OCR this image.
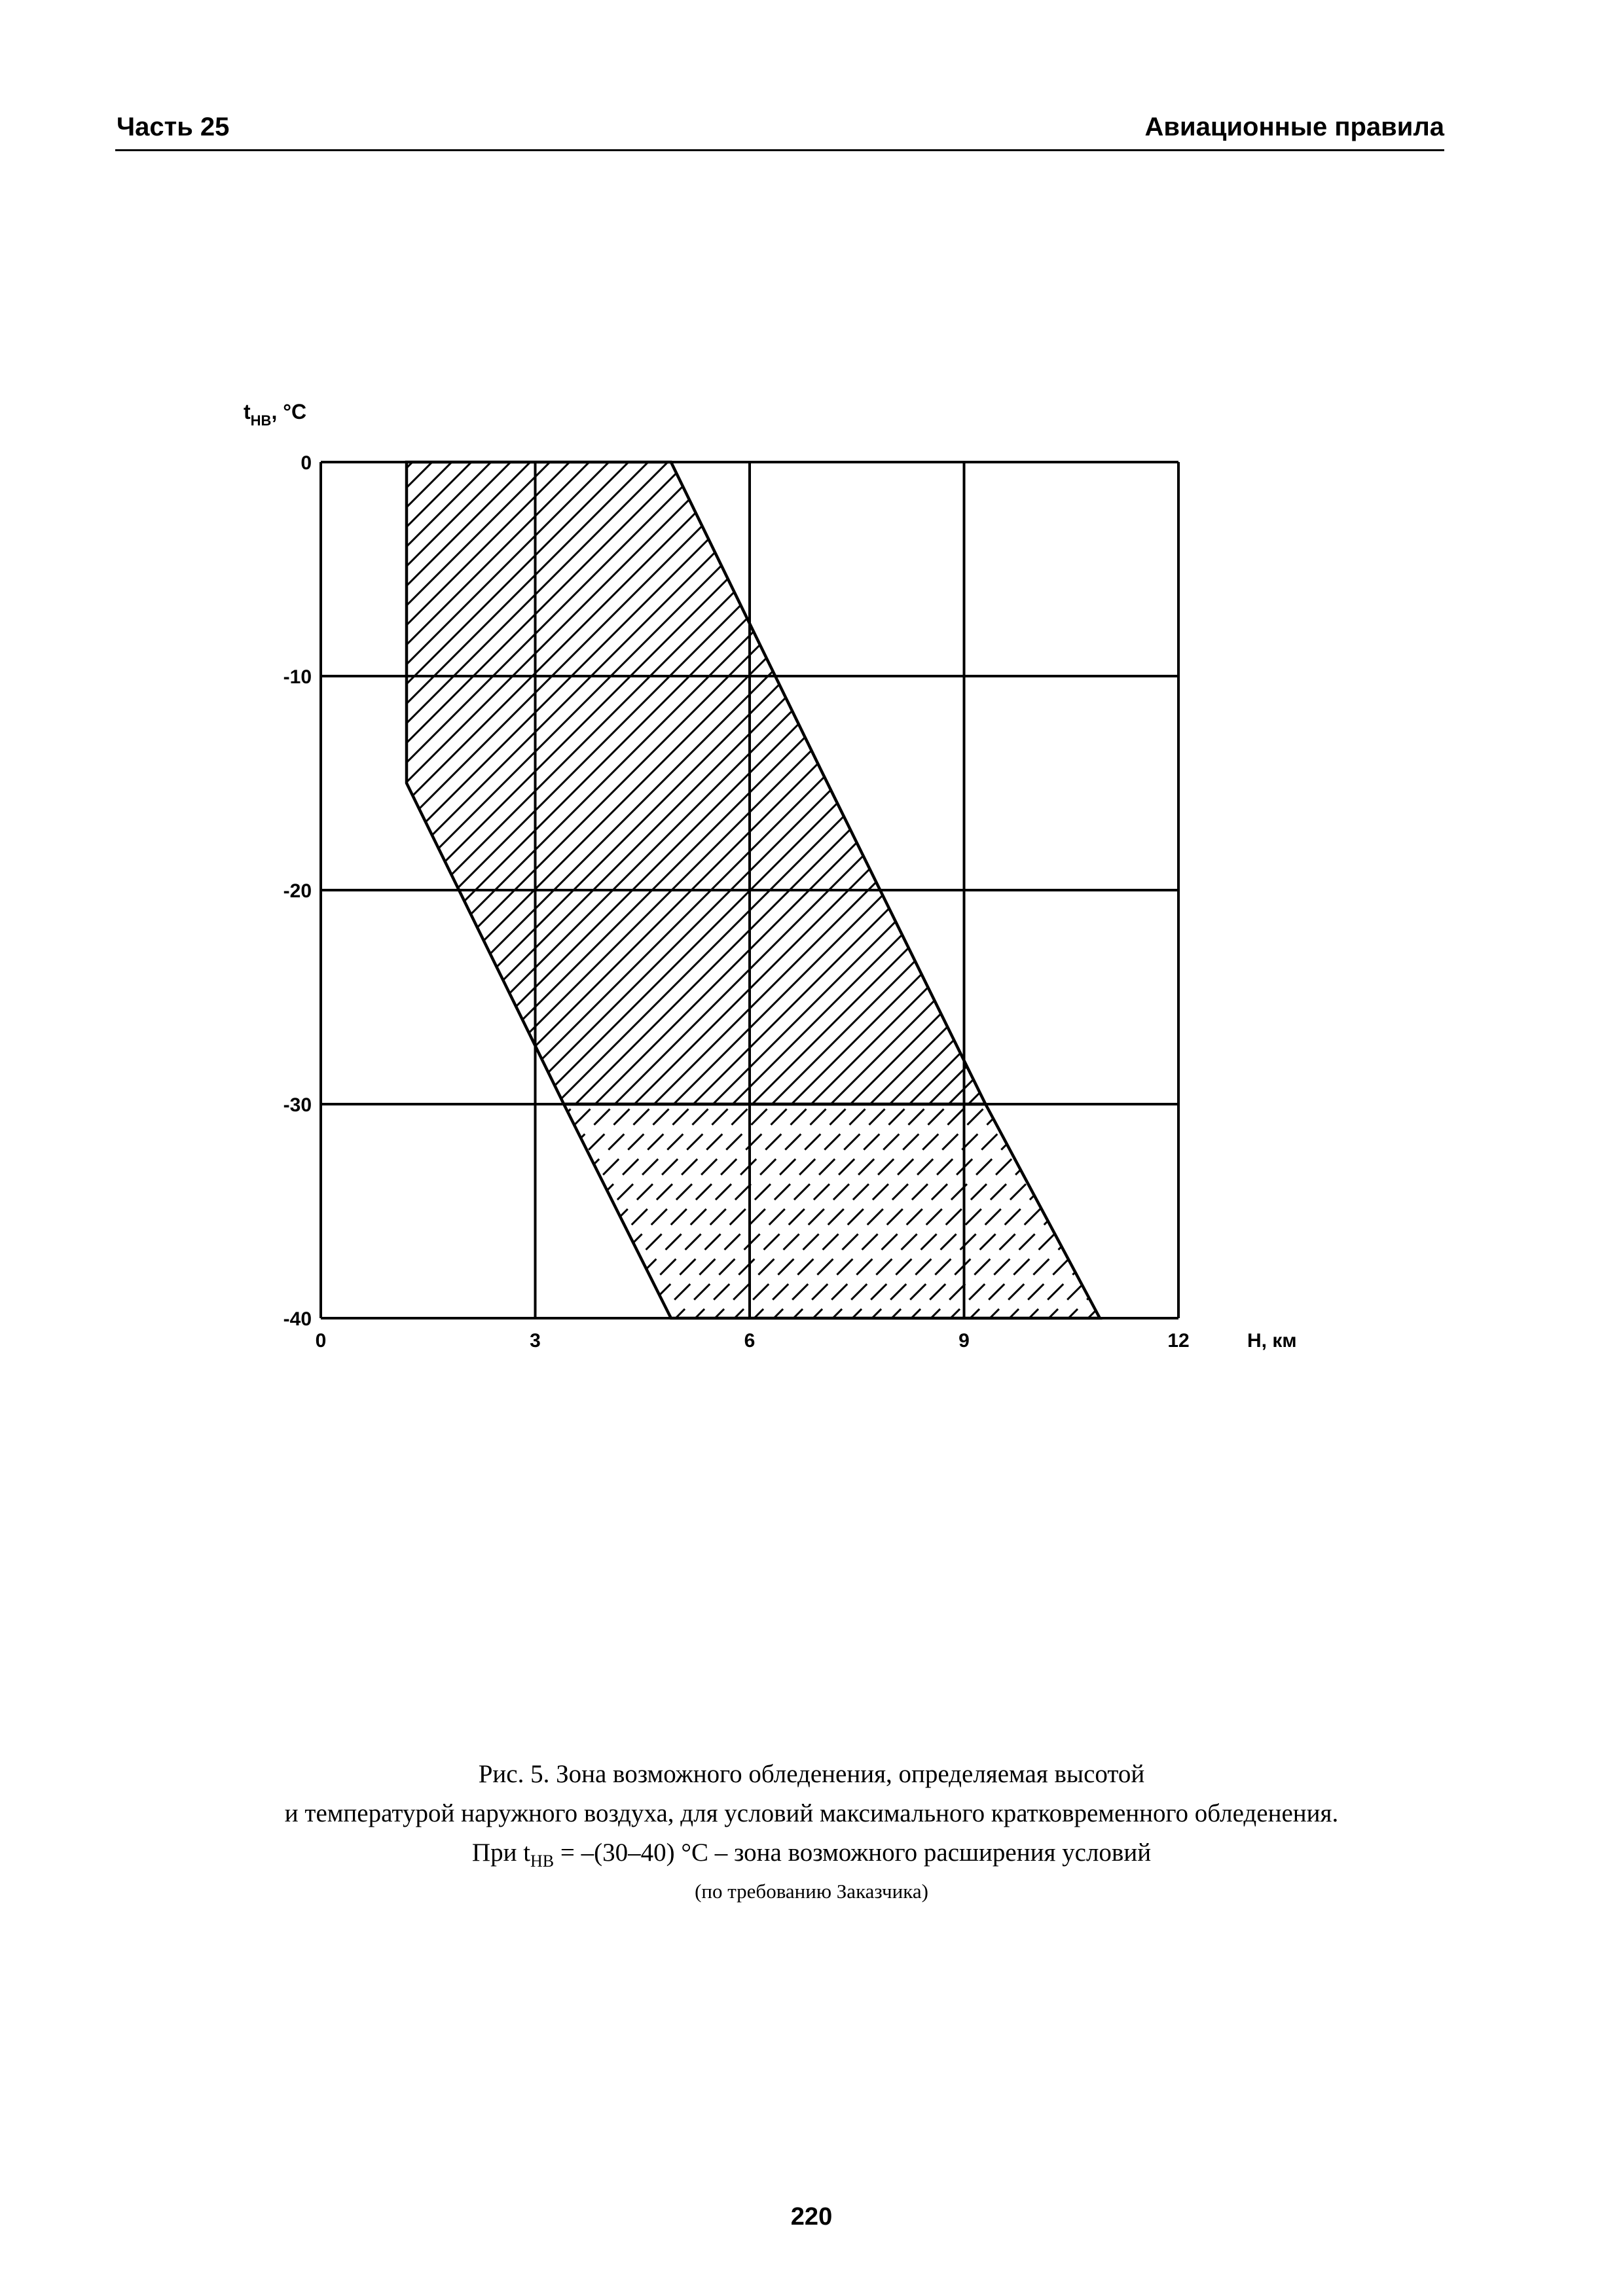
Часть 25	Авиационные правила
0
-10
-20
-30
-40
0	3	6	9	12
$t_{НВ}$, °C
H, км
Рис. 5. Зона возможного обледенения, определяемая высотой
и температурой наружного воздуха, для условий максимального кратковременного обледенения.
При $t_{НВ} = -(30-40)$ °C – зона возможного расширения условий
(по требованию Заказчика)
220
